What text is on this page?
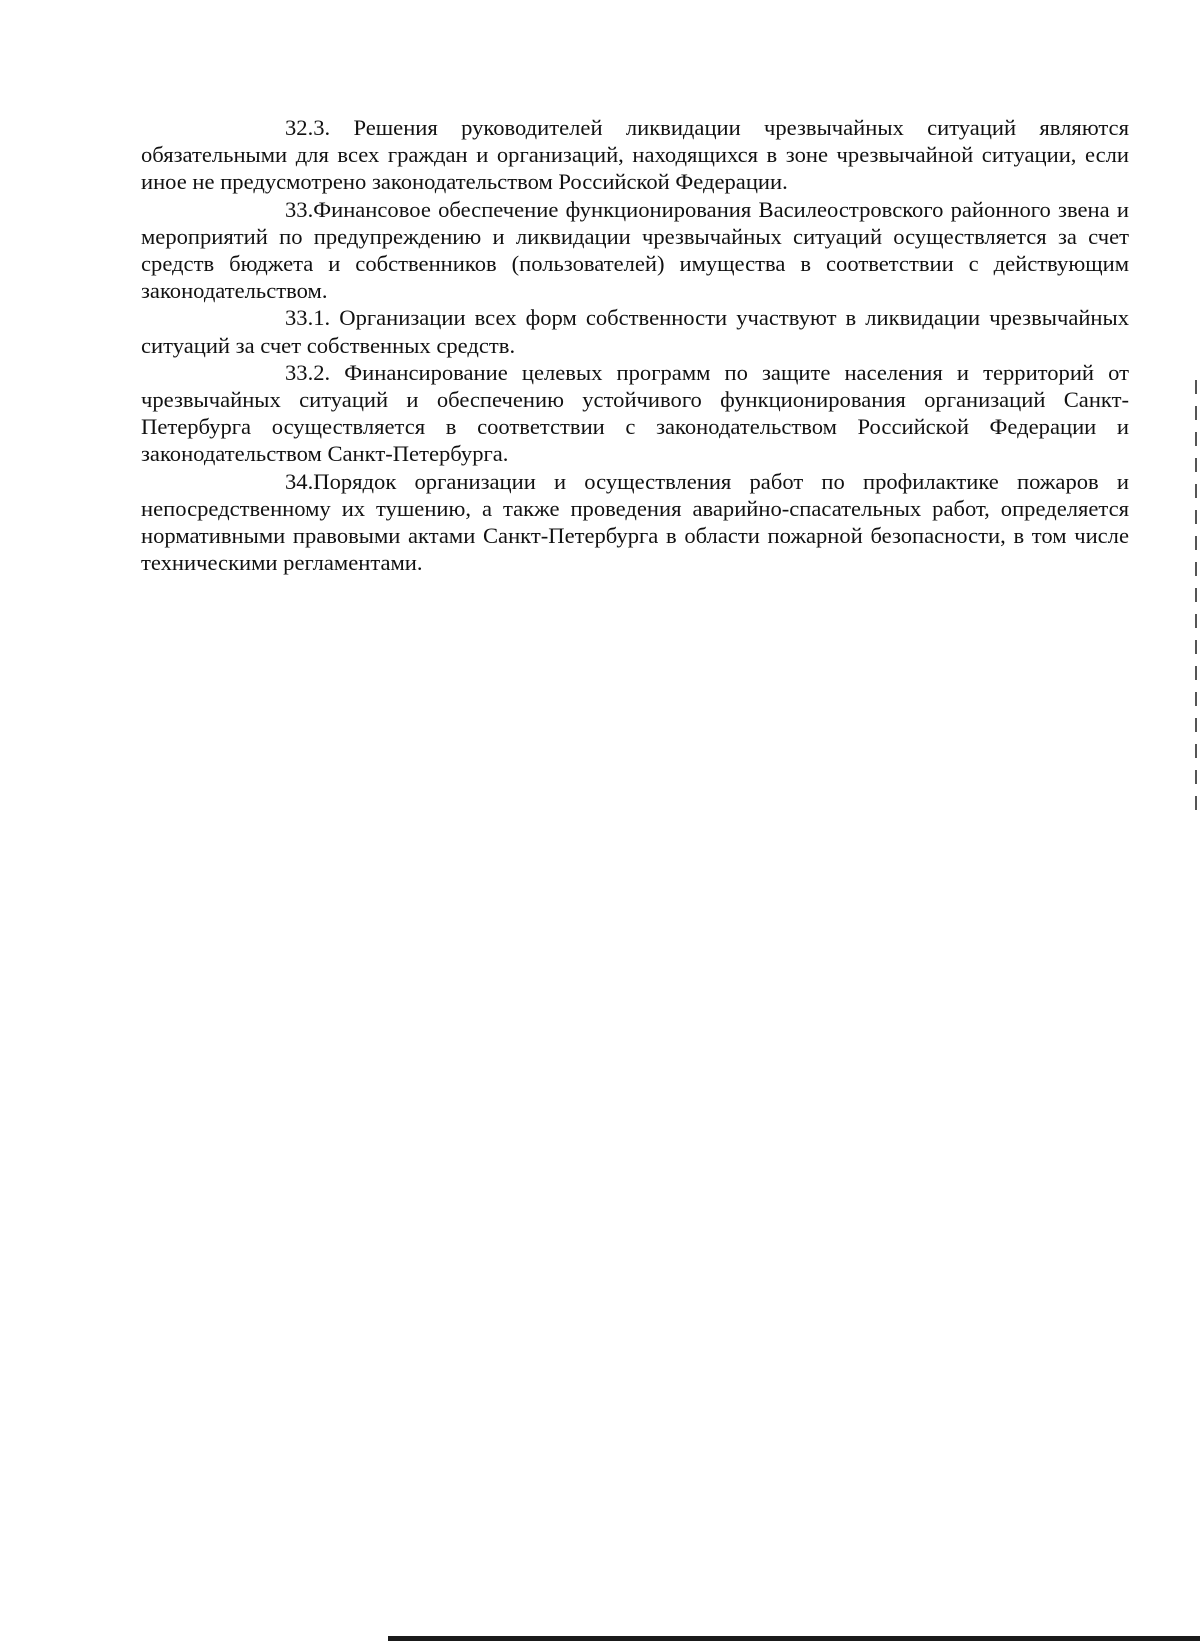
32.3. Решения руководителей ликвидации чрезвычайных ситуаций являются обязательными для всех граждан и организаций, находящихся в зоне чрезвычайной ситуации, если иное не предусмотрено законодательством Российской Федерации.

33.Финансовое обеспечение функционирования Василеостровского районного звена и мероприятий по предупреждению и ликвидации чрезвычайных ситуаций осуществляется за счет средств бюджета и собственников (пользователей) имущества в соответствии с действующим законодательством.

33.1. Организации всех форм собственности участвуют в ликвидации чрезвычайных ситуаций за счет собственных средств.

33.2. Финансирование целевых программ по защите населения и территорий от чрезвычайных ситуаций и обеспечению устойчивого функционирования организаций Санкт-Петербурга осуществляется в соответствии с законодательством Российской Федерации и законодательством Санкт-Петербурга.

34.Порядок организации и осуществления работ по профилактике пожаров и непосредственному их тушению, а также проведения аварийно-спасательных работ, определяется нормативными правовыми актами Санкт-Петербурга в области пожарной безопасности, в том числе техническими регламентами.
